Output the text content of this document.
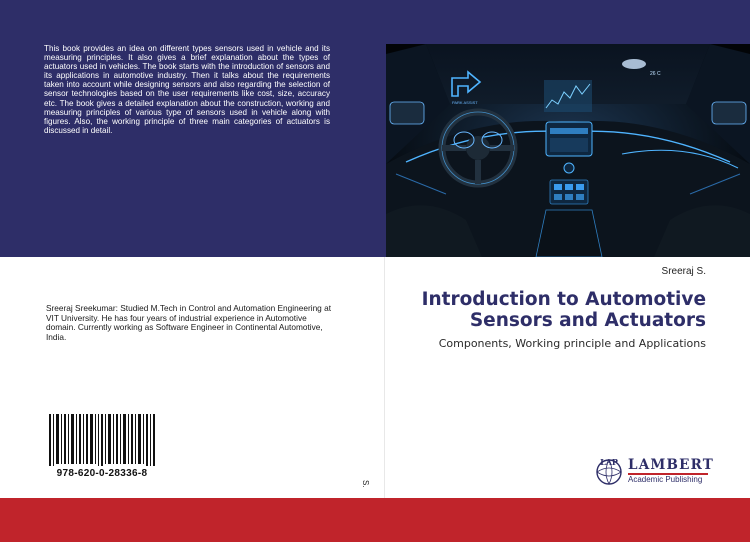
This book provides an idea on different types sensors used in vehicle and its measuring principles. It also gives a brief explanation about the types of actuators used in vehicles. The book starts with the introduction of sensors and its applications in automotive industry. Then it talks about the requirements taken into account while designing sensors and also regarding the selection of sensor technologies based on the user requirements like cost, size, accuracy etc. The book gives a detailed explanation about the construction, working and measuring principles of various type of sensors used in vehicle along with figures. Also, the working principle of three main categories of actuators is discussed in detail.

PARK ASSIST
26 C

Sreeraj Sreekumar: Studied M.Tech in Control and Automation Engineering at VIT University. He has four years of industrial experience in Automotive domain. Currently working as Software Engineer in Continental Automotive, India.

978-620-0-28336-8
S.
Sreeraj S.
Introduction to Automotive Sensors and Actuators

Components, Working principle and Applications

LAP LAMBERT
Academic Publishing
